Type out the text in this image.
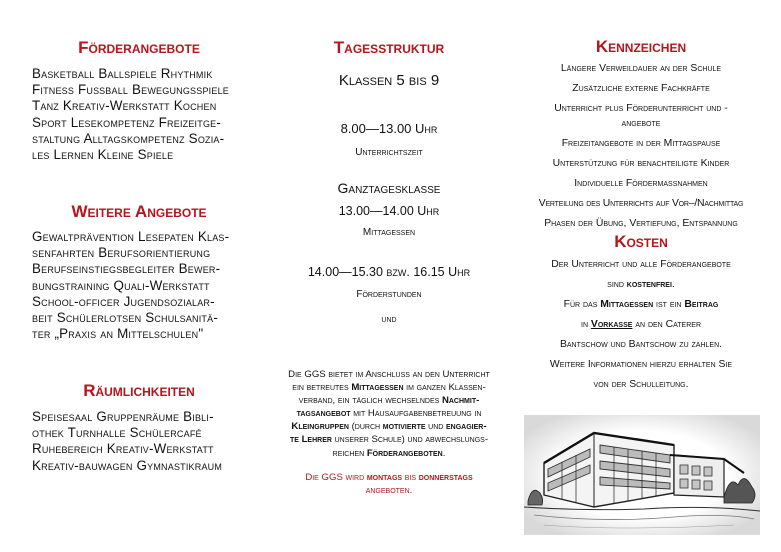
Förderangebote
Basketball Ballspiele Rhythmik
Fitness Fußball Bewegungsspiele
Tanz Kreativ-Werkstatt Kochen
Sport Lesekompetenz Freizeitge-
staltung Alltagskompetenz Sozia-
les Lernen Kleine Spiele
Weitere Angebote
Gewaltprävention Lesepaten Klas-
senfahrten Berufsorientierung
Berufseinstiegsbegleiter Bewer-
bungstraining Quali-Werkstatt
School-officer Jugendsozialar-
beit Schülerlotsen Schulsanitä-
ter „Praxis an Mittelschulen"
Räumlichkeiten
Speisesaal Gruppenräume Bibli-
othek Turnhalle Schülercafé
Ruhebereich Kreativ-Werkstatt
Kreativ-bauwagen Gymnastikraum
Tagesstruktur
Klassen 5 bis 9
8.00—13.00 Uhr
Unterrichtszeit
Ganztagesklasse
13.00—14.00 Uhr
Mittagessen
14.00—15.30 bzw. 16.15 Uhr
Förderstunden
und
Die GGS bietet im Anschluss an den Unterricht
ein betreutes Mittagessen im ganzen Klassen-
verband, ein täglich wechselndes Nachmit-
tagsangebot mit Hausaufgabenbetreuung in
Kleingruppen (durch motivierte und engagier-
te Lehrer unserer Schule) und abwechslungs-
reichen Förderangeboten.
Die GGS wird montags bis donnerstags
angeboten.
Kennzeichen

Längere Verweildauer an der Schule

Zusätzliche externe Fachkräfte

Unterricht plus Förderunterricht und -

angebote

Freizeitangebote in der Mittagspause

Unterstützung für benachteiligte Kinder

Individuelle Fördermaßnahmen

Verteilung des Unterrichts auf Vor–/Nachmittag

Phasen der Übung, Vertiefung, Entspannung

Kosten

Der Unterricht und alle Förderangebote

sind kostenfrei.

Für das Mittagessen ist ein Beitrag

in Vorkasse an den Caterer

Bantschow und Bantschow zu zahlen.

Weitere Informationen hierzu erhalten Sie

von der Schulleitung.
